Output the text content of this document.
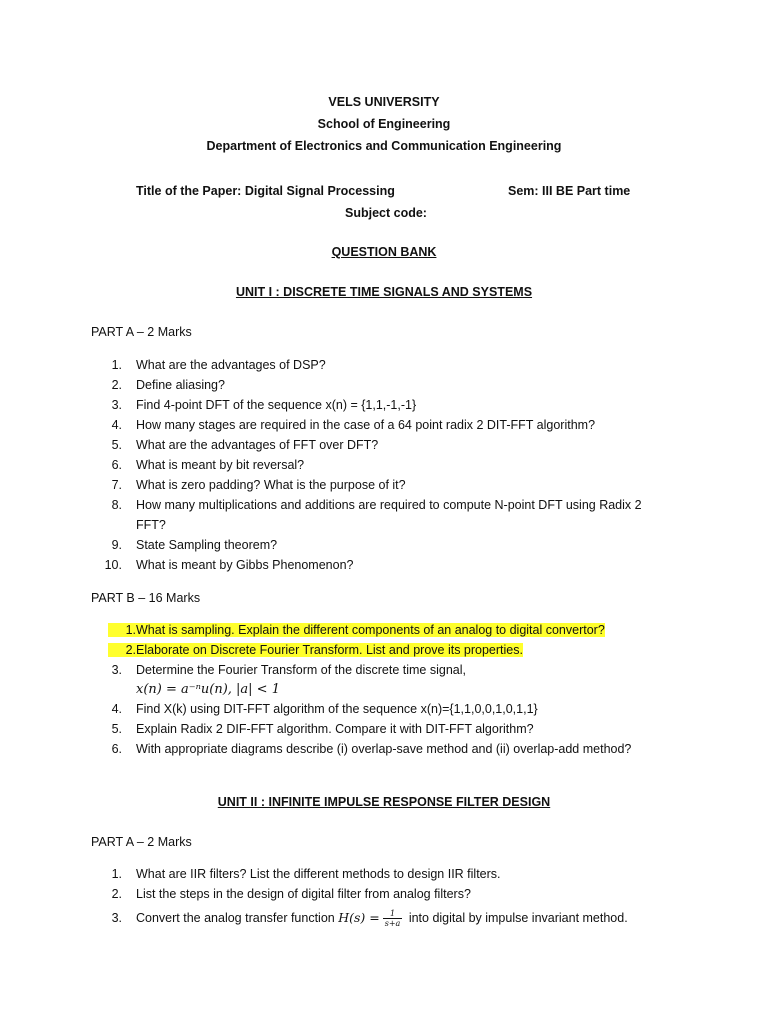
VELS UNIVERSITY
School of Engineering
Department of Electronics and Communication Engineering
Title of the Paper: Digital Signal Processing	Sem: III BE Part time
Subject code:
QUESTION BANK
UNIT I : DISCRETE TIME SIGNALS AND SYSTEMS
PART A – 2 Marks
1. What are the advantages of DSP?
2. Define aliasing?
3. Find 4-point DFT of the sequence x(n) = {1,1,-1,-1}
4. How many stages are required in the case of a 64 point radix 2 DIT-FFT algorithm?
5. What are the advantages of FFT over DFT?
6. What is meant by bit reversal?
7. What is zero padding? What is the purpose of it?
8. How many multiplications and additions are required to compute N-point DFT using Radix 2
FFT?
9. State Sampling theorem?
10. What is meant by Gibbs Phenomenon?
PART B – 16 Marks
1. What is sampling. Explain the different components of an analog to digital convertor?
2. Elaborate on Discrete Fourier Transform. List and prove its properties.
3. Determine the Fourier Transform of the discrete time signal,
x(n) = a⁻ⁿu(n), |a| < 1
4. Find X(k) using DIT-FFT algorithm of the sequence x(n)={1,1,0,0,1,0,1,1}
5. Explain Radix 2 DIF-FFT algorithm. Compare it with DIT-FFT algorithm?
6. With appropriate diagrams describe (i) overlap-save method and (ii) overlap-add method?
UNIT II : INFINITE IMPULSE RESPONSE FILTER DESIGN
PART A – 2 Marks
1. What are IIR filters? List the different methods to design IIR filters.
2. List the steps in the design of digital filter from analog filters?
3. Convert the analog transfer function $H(s) = \frac{1}{s+a}$ into digital by impulse invariant method.
